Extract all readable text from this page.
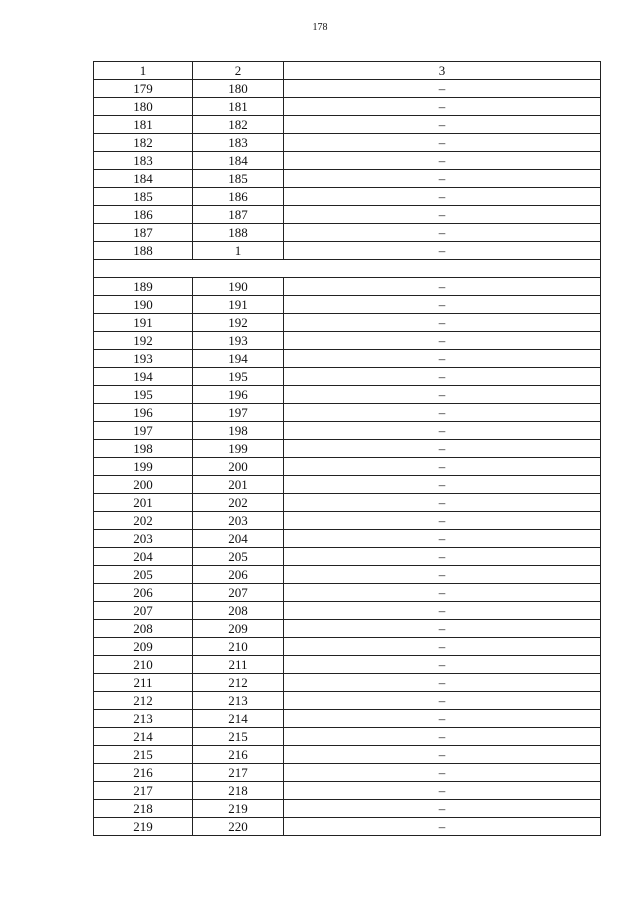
178
1	2	3
179	180	–
180	181	–
181	182	–
182	183	–
183	184	–
184	185	–
185	186	–
186	187	–
187	188	–
188	1	–

189	190	–
190	191	–
191	192	–
192	193	–
193	194	–
194	195	–
195	196	–
196	197	–
197	198	–
198	199	–
199	200	–
200	201	–
201	202	–
202	203	–
203	204	–
204	205	–
205	206	–
206	207	–
207	208	–
208	209	–
209	210	–
210	211	–
211	212	–
212	213	–
213	214	–
214	215	–
215	216	–
216	217	–
217	218	–
218	219	–
219	220	–
